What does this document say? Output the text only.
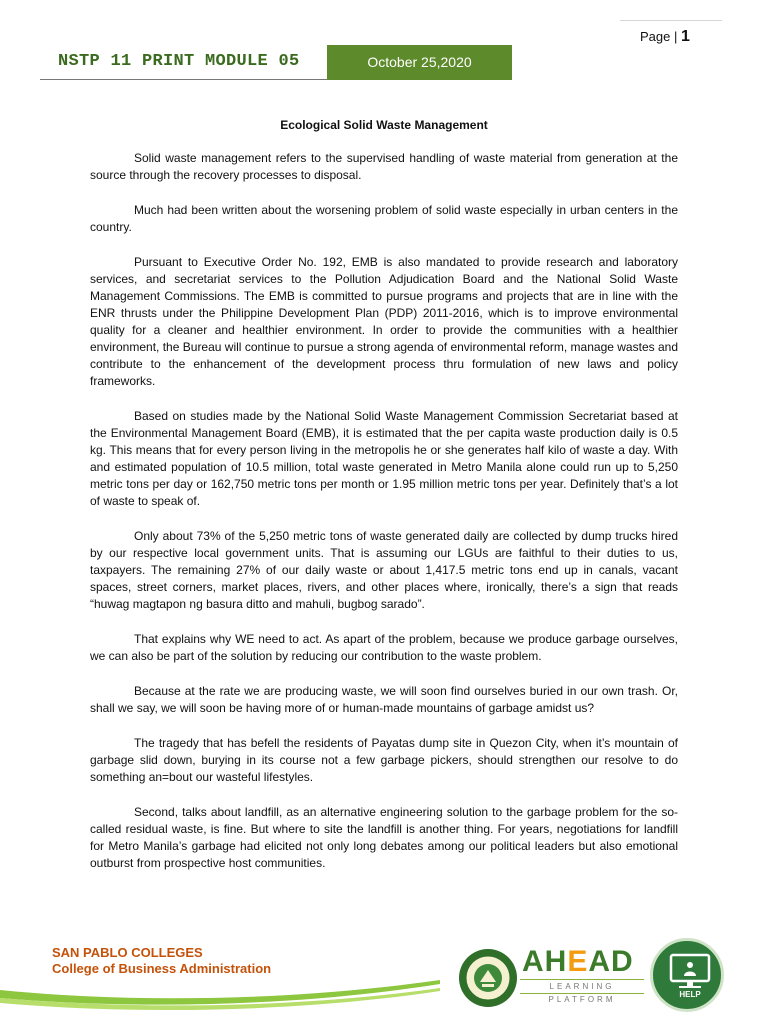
Page | 1
NSTP 11 PRINT MODULE 05	October 25,2020
Ecological Solid Waste Management

Solid waste management refers to the supervised handling of waste material from generation at the source through the recovery processes to disposal.

Much had been written about the worsening problem of solid waste especially in urban centers in the country.

Pursuant to Executive Order No. 192, EMB is also mandated to provide research and laboratory services, and secretariat services to the Pollution Adjudication Board and the National Solid Waste Management Commissions. The EMB is committed to pursue programs and projects that are in line with the ENR thrusts under the Philippine Development Plan (PDP) 2011-2016, which is to improve environmental quality for a cleaner and healthier environment. In order to provide the communities with a healthier environment, the Bureau will continue to pursue a strong agenda of environmental reform, manage wastes and contribute to the enhancement of the development process thru formulation of new laws and policy frameworks.

Based on studies made by the National Solid Waste Management Commission Secretariat based at the Environmental Management Board (EMB), it is estimated that the per capita waste production daily is 0.5 kg. This means that for every person living in the metropolis he or she generates half kilo of waste a day. With and estimated population of 10.5 million, total waste generated in Metro Manila alone could run up to 5,250 metric tons per day or 162,750 metric tons per month or 1.95 million metric tons per year. Definitely that’s a lot of waste to speak of.

Only about 73% of the 5,250 metric tons of waste generated daily are collected by dump trucks hired by our respective local government units. That is assuming our LGUs are faithful to their duties to us, taxpayers. The remaining 27% of our daily waste or about 1,417.5 metric tons end up in canals, vacant spaces, street corners, market places, rivers, and other places where, ironically, there’s a sign that reads “huwag magtapon ng basura ditto and mahuli, bugbog sarado”.

That explains why WE need to act. As apart of the problem, because we produce garbage ourselves, we can also be part of the solution by reducing our contribution to the waste problem.

Because at the rate we are producing waste, we will soon find ourselves buried in our own trash. Or, shall we say, we will soon be having more of or human-made mountains of garbage amidst us?

The tragedy that has befell the residents of Payatas dump site in Quezon City, when it’s mountain of garbage slid down, burying in its course not a few garbage pickers, should strengthen our resolve to do something an=bout our wasteful lifestyles.

Second, talks about landfill, as an alternative engineering solution to the garbage problem for the so-called residual waste, is fine. But where to site the landfill is another thing. For years, negotiations for landfill for Metro Manila’s garbage had elicited not only long debates among our political leaders but also emotional outburst from prospective host communities.

SAN PABLO COLLEGES
College of Business Administration	AHEAD
LEARNING PLATFORM
HELP
